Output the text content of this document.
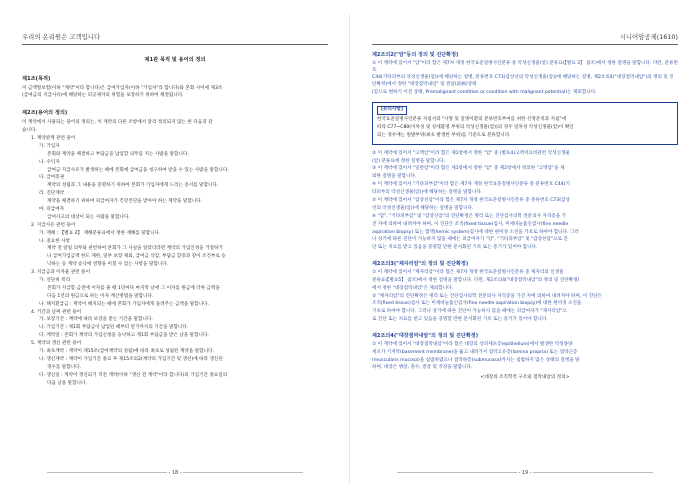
우리의 온리원은 고객입니다
제1관 목적 및 용어의 정의
제1조(목적)
이 금액형보험(이하 "계약"이라 합니다)은 급여가입자(이하 "가입자"라 합니다)와 본회 사이에 제3조
(급여금의 지급사유)에 해당하는 피공제자의 위험을 보장하기 위하여 체결됩니다.
제2조(용어의 정의)
이 계약에서 사용되는 용어의 정의는, 이 계약의 다른 조항에서 달리 정의되지 않는 한 다음과 같
습니다.
1. 계약관계 관련 용어
가. 가입자
본회와 계약을 체결하고 부담금을 납입할 의무를 지는 사람을 말합니다.
나. 수익자
급여금 지급사유가 발생하는 때에 본회에 급여금을 청구하여 받을 수 있는 사람을 말합니다.
다. 급여증권
계약의 성립과 그 내용을 증명하기 위하여 본회가 가입자에게 드리는 증서를 말합니다.
라. 진단계약
계약을 체결하기 위하여 피급여자가 건강진단을 받아야 하는 계약을 말합니다.
마. 피급여자
급여사고의 대상이 되는 사람을 말합니다.
2. 지급사유 관련 용어
가. 재해 : 【별표 2】 재해분류표에서 정한 재해를 말합니다.
나. 중요한 사항
계약 전 알릴 의무와 관련하여 본회가 그 사실을 알았더라면 계약의 가입인정을 거절하거
나 급여가입금액 한도 제한, 일부 보장 제외, 급여금 삭감, 부담금 할증과 같이 조건부로 승
낙하는 등 계약 승낙에 영향을 미칠 수 있는 사항을 말합니다.
3. 지급금과 이자율 관련 용어
가. 연단위 복리
본회가 지급할 금전에 이자를 줄 때 1년마다 마지막 날에 그 이자를 원금에 더한 금액을
다음 1년의 원금으로 하는 이자 계산방법을 말합니다.
나. 해지환급금 : 계약이 해지되는 때에 본회가 가입자에게 돌려주는 금액을 말합니다.
4. 기간과 날짜 관련 용어
가. 보장기간 : 계약에 따라 보장을 받는 기간을 말합니다.
나. 가입기간 : 제1회 부담금이 납입된 때부터 만기까지의 기간을 말합니다.
다. 계약일 : 본회가 계약의 가입신청을 승낙하고 제1회 부담금을 받은 날을 말합니다.
5. 계약의 갱신 관련 용어
가. 최초계약 : 계약이 제15조(급여계약의 성립)에 따라 최초로 성립된 계약을 말합니다.
나. 갱신계약 : 계약이 가입기간 종료 후 제15조의2(계약의 가입기간 및 갱신)에 따라 갱신된
경우를 말합니다.
다. 갱신일 : 계약이 갱신되기 직전 계약(이하 "갱신 전 계약"이라 합니다)의 가입기간 종료일의
다음 날을 말합니다.
- 18 -
시니어암공제(1610)
제2조의2("암"등의 정의 및 진단확정)
① 이 계약에 있어서 "암"이라 함은 제7차 개정 한국표준질병사인분류 중 악성신생물(암) 분류표(【별표 3】 참조)에서 정한 질병을 말합니다. 다만, 분류번호
C44(기타피부의 악성신생물(암))에 해당하는 질병, 분류번호 C73(갑상선의 악성신생물(암))에 해당하는 질병, 제2조의4("대장점막내암")의 정의 및 진단확정)에서 정한 "대장점막내암" 및 전암(前癌)상태
(암으로 변하기 이전 상태, Premalignant condition or condition with malignant potential)는 제외합니다.
[유의사항]
한국표준질병사인분류 지침서의 "사망 및 질병이환의 분류번호부여를 위한 선정준칙과 지침"에
따라 C77~C80(이차성 및 상세불명 부위의 악성신생물(암))의 경우 일차성 악성신생물(암)이 확인
되는 경우에는 원발부위(최초 발생한 부위)를 기준으로 분류합니다.
② 이 계약에 있어서 "고액암"이라 함은 제1항에서 정한 "암" 중 (별표4)고액치료비관련 악성신생물
(암) 분류표에 정한 질병을 말합니다.
③ 이 계약에 있어서 "일반암"이라 함은 제1항에서 정한 "암" 중 제2항에서 정의한 "고액암"을 제
외한 질병을 말합니다.
④ 이 계약에 있어서 "기타피부암"이라 함은 제7차 개정 한국표준질병사인분류 중 분류번호 C44(기
타피부의 악성신생물(암))에 해당하는 질병을 말합니다.
⑤ 이 계약에 있어서 "갑상선암"이라 함은 제7차 개정 한국표준질병사인분류 중 분류번호 C73(갑상
선의 악성신생물(암))에 해당하는 질병을 말합니다.
⑥ "암", "기타피부암" 및 "갑상선암"의 진단확정은 병리 또는 진단검사의학 전문의사 자격증을 가
진 자에 의하여 내려져야 하며, 이 진단은 조직(fixed tissue)검사, 미세바늘흡인검사(fine needle
aspiration biopsy) 또는 혈액(hemic system)검사에 대한 현미경 소견을 기초로 하여야 합니다. 그러
나 상기에 따른 진단이 가능하지 않을 때에는 피급여자가 "암", "기타피부암" 및 "갑상선암"으로 진
단 또는 치료를 받고 있음을 증명할 만한 문서화된 기록 또는 증거가 있어야 합니다.
제2조의3("제자리암"의 정의 및 진단확정)
① 이 계약에 있어서 "제자리암"이라 함은 제7차 개정 한국표준질병사인분류 중 제자리의 신생물
분류표(【별표5】 참조)에서 정한 질병을 말합니다. 다만, 제2조의4("대장점막내암"의 정의 및 진단확정)
에서 정한 "대장점막내암"은 제외합니다.
② "제자리암"의 진단확정은 병리 또는 진단검사의학 전문의사 자격증을 가진 자에 의하여 내려져야 하며, 이 진단은
조직(fixed tissue)검사 또는 미세바늘흡인검사(fine needle aspiration biopsy)에 대한 현미경 소견을
기초로 하여야 합니다. 그러나 상기에 따른 진단이 가능하지 않을 때에는 피급여자가 "제자리암"으
로 진단 또는 치료를 받고 있음을 증명할 만한 문서화된 기록 또는 증거가 있어야 합니다.
제2조의4("대장점막내암"의 정의 및 진단확정)
① 이 계약에 있어서 "대장점막내암"이라 함은 대장의 상피세포층(epithelium)에서 발생한 악성종양
세포가 기저막(basement membrane)을 뚫고 내려가서 점막고유층(lamina propria) 또는 점막근층
(muscularis mucosa)을 침범하였으나 점막하층(submucosa)까지는 침범하지 않은 상태의 질병을 말
하며, 대장은 맹장, 충수, 결장 및 직장을 말합니다.
<대장의 조직학적 구조와 점막내암의 정의>
- 19 -
